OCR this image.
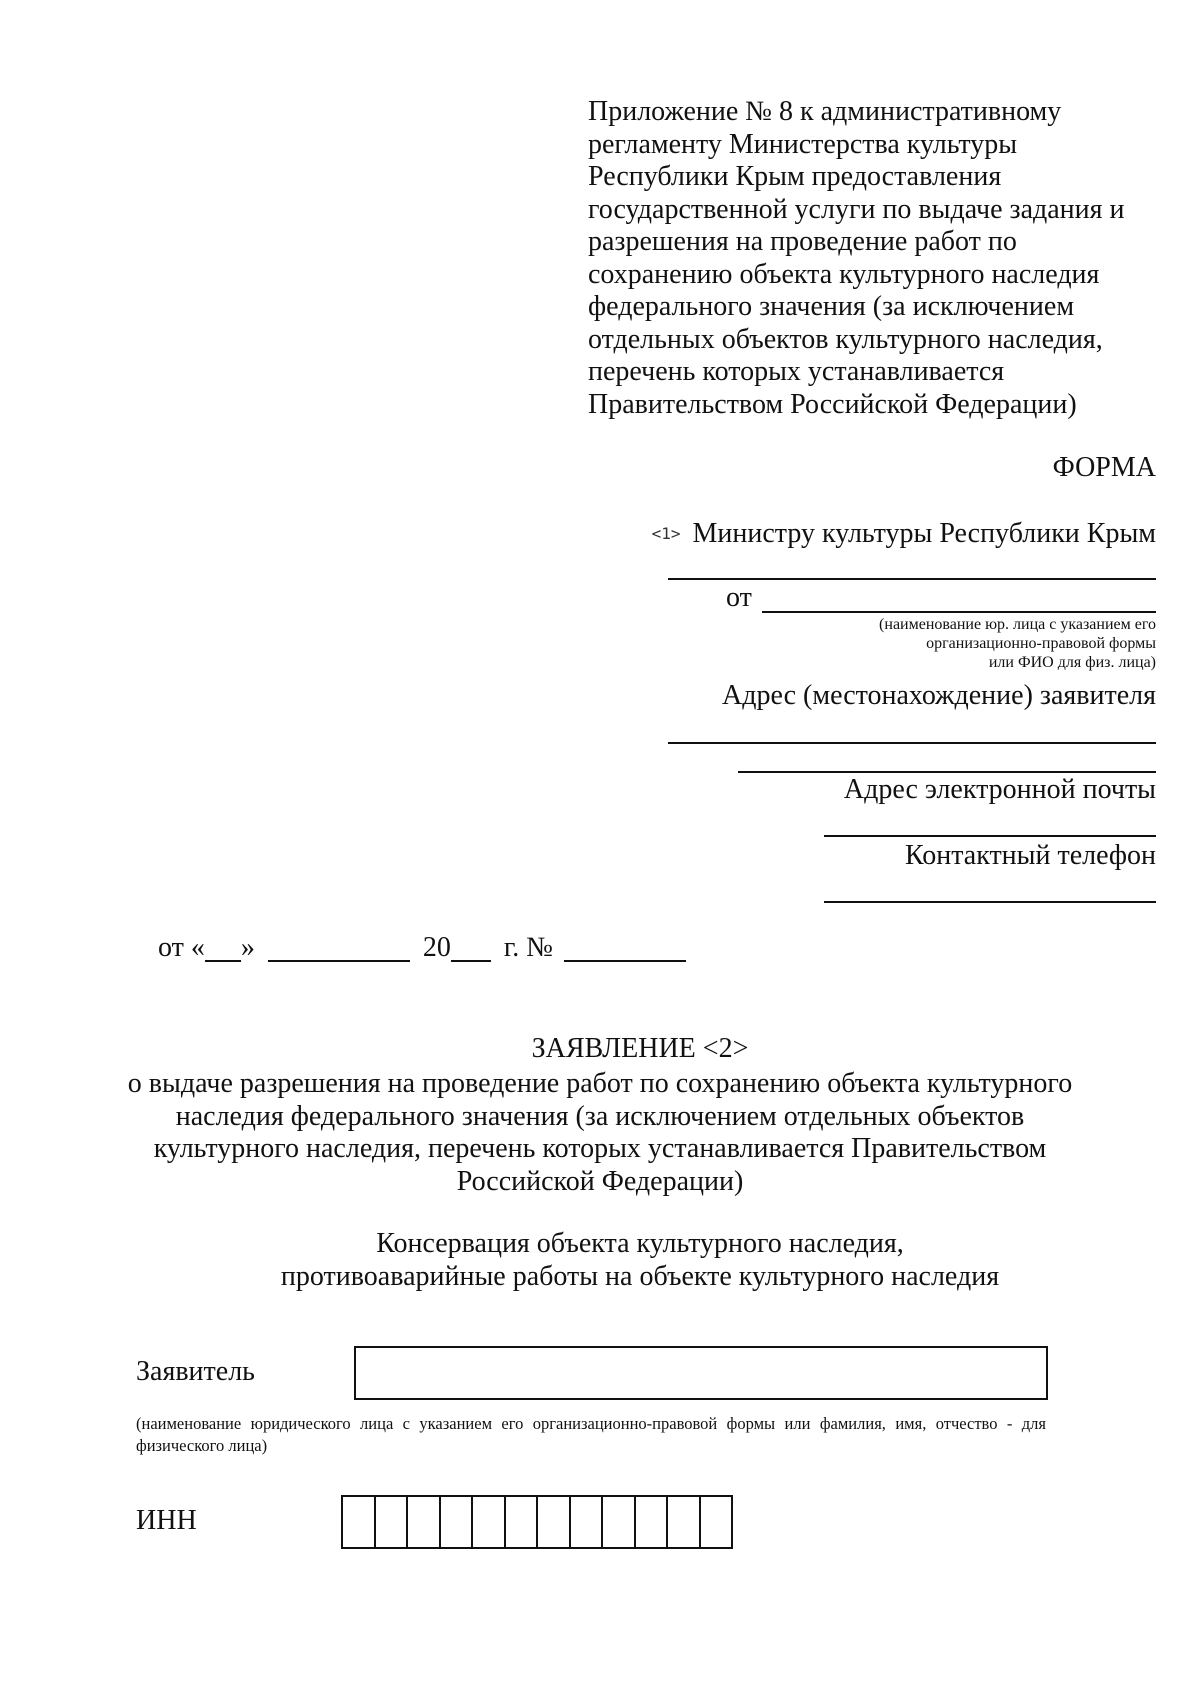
Приложение № 8 к административному
регламенту Министерства культуры
Республики Крым предоставления
государственной услуги по выдаче задания и
разрешения на проведение работ по
сохранению объекта культурного наследия
федерального значения (за исключением
отдельных объектов культурного наследия,
перечень которых устанавливается
Правительством Российской Федерации)
ФОРМА
<1> Министру культуры Республики Крым
от
(наименование юр. лица с указанием его
организационно-правовой формы
или ФИО для физ. лица)
Адрес (местонахождение) заявителя
Адрес электронной почты
Контактный телефон
от « »	20 г. №
ЗАЯВЛЕНИЕ <2>
о выдаче разрешения на проведение работ по сохранению объекта культурного
наследия федерального значения (за исключением отдельных объектов
культурного наследия, перечень которых устанавливается Правительством
Российской Федерации)
Консервация объекта культурного наследия,
противоаварийные работы на объекте культурного наследия
Заявитель
(наименование юридического лица с указанием его организационно-правовой формы или фамилия, имя, отчество - для физического лица)
ИНН
